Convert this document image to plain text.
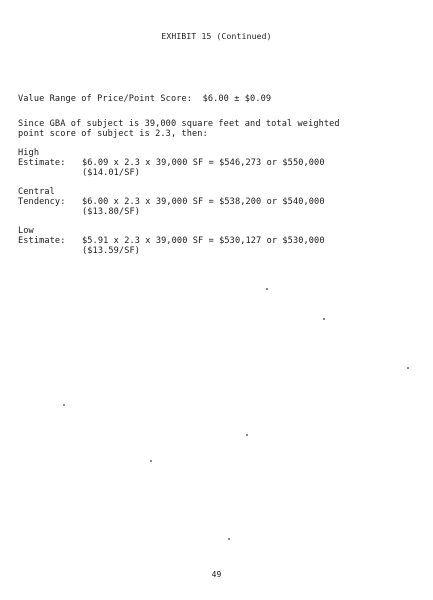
EXHIBIT 15 (Continued)
Value Range of Price/Point Score:  $6.00 ± $0.09
Since GBA of subject is 39,000 square feet and total weighted
point score of subject is 2.3, then:
High
Estimate: $6.09 x 2.3 x 39,000 SF = $546,273 or $550,000
($14.01/SF)
Central
Tendency: $6.00 x 2.3 x 39,000 SF = $538,200 or $540,000
($13.80/SF)
Low
Estimate: $5.91 x 2.3 x 39,000 SF = $530,127 or $530,000
($13.59/SF)
49
